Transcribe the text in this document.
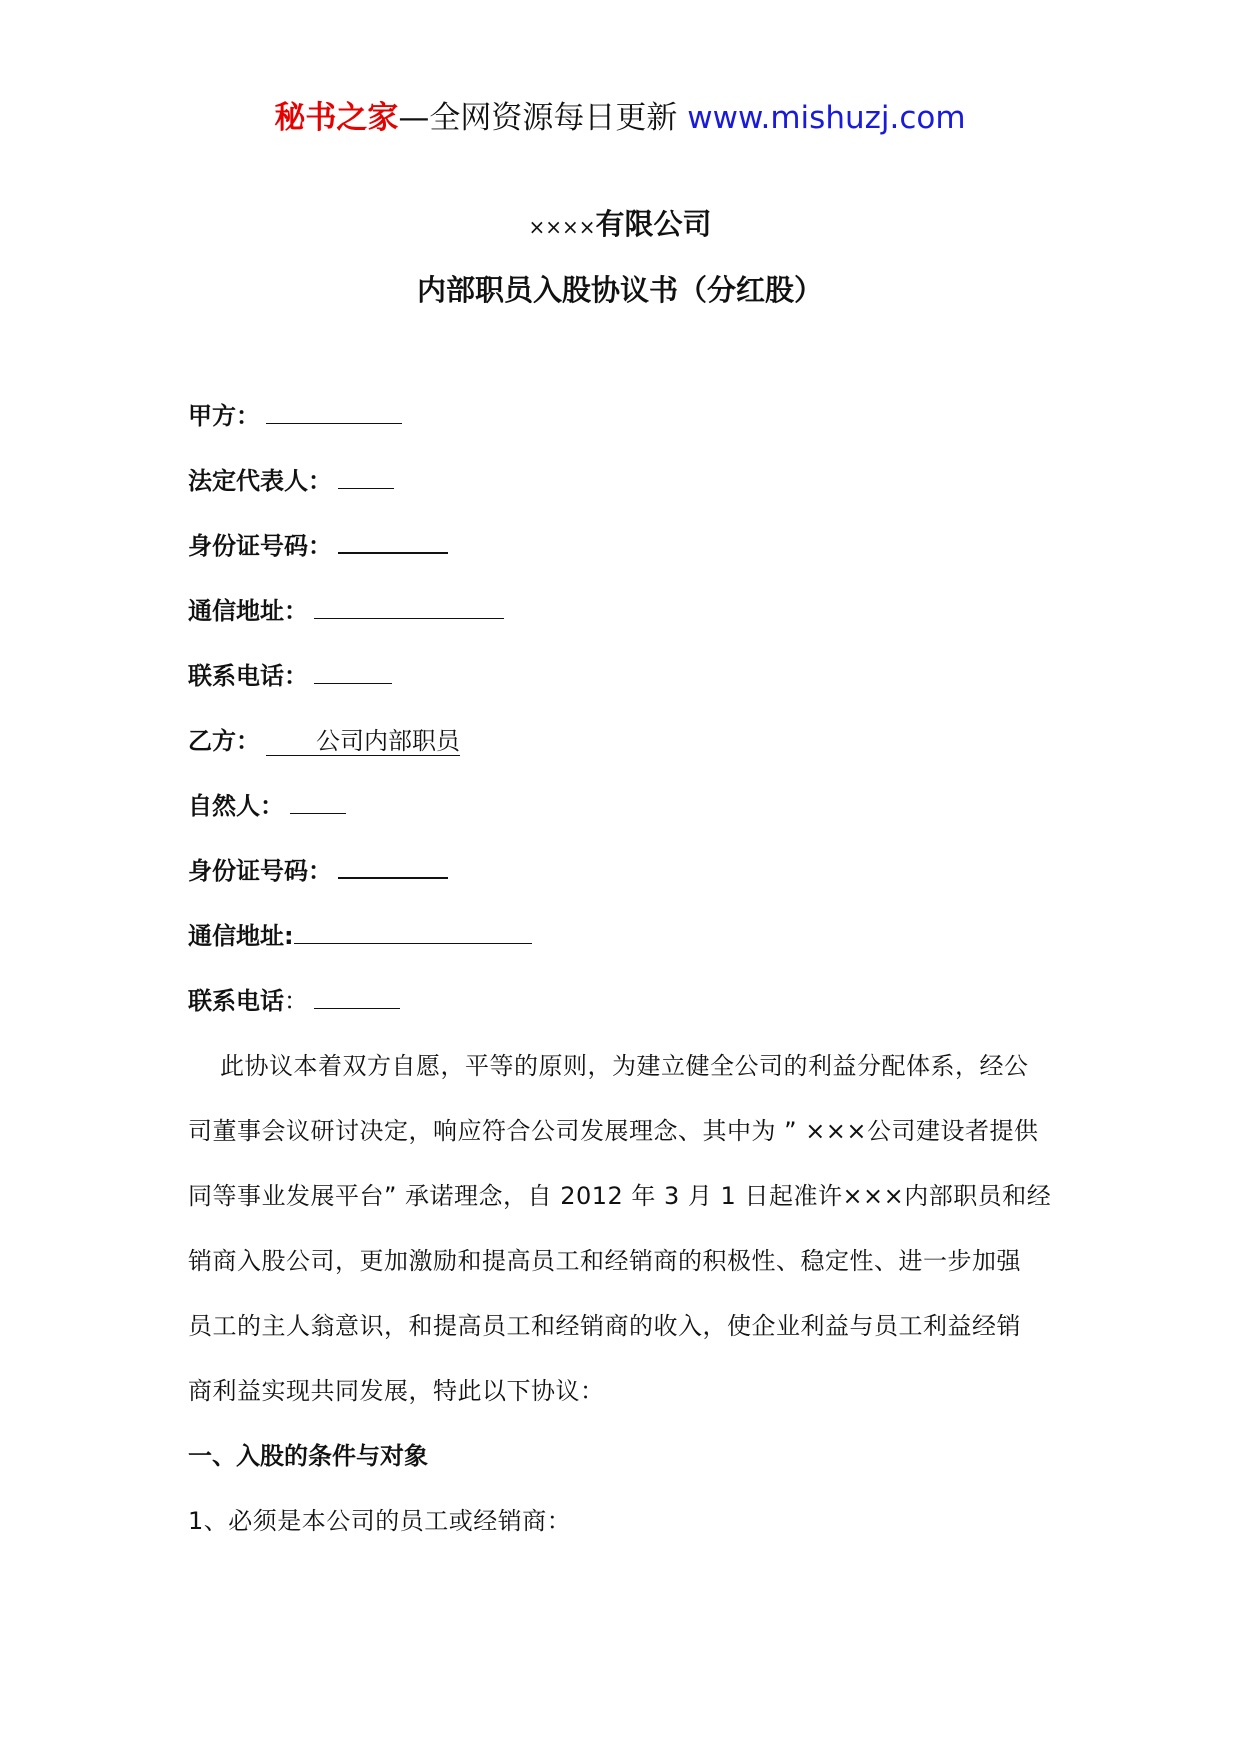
秘书之家—全网资源每日更新 www.mishuzj.com
××××有限公司
内部职员入股协议书（分红股）
甲方：
法定代表人：
身份证号码：
通信地址：
联系电话：
乙方： 公司内部职员
自然人：
身份证号码：
通信地址:
联系电话：
此协议本着双方自愿，平等的原则，为建立健全公司的利益分配体系，经公
司董事会议研讨决定，响应符合公司发展理念、其中为 ” ×××公司建设者提供
同等事业发展平台” 承诺理念，自 2012 年 3 月 1 日起准许×××内部职员和经
销商入股公司，更加激励和提高员工和经销商的积极性、稳定性、进一步加强
员工的主人翁意识，和提高员工和经销商的收入，使企业利益与员工利益经销
商利益实现共同发展，特此以下协议：
一、入股的条件与对象
1、必须是本公司的员工或经销商：
